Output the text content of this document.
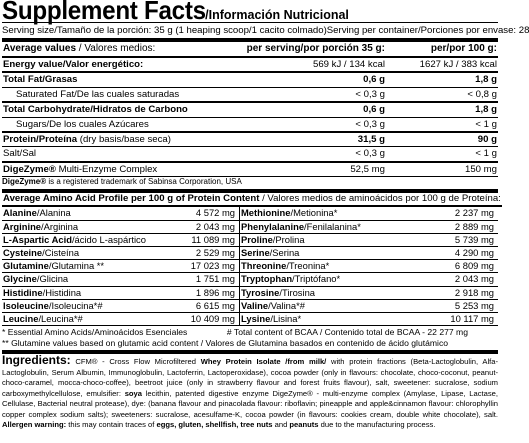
Supplement Facts /Información Nutricional
Serving size/Tamaño de la porción: 35 g (1 heaping scoop/1 cacito colmado) Serving per container/Porciones por envase: 28
Average values / Valores medios:	per serving/por porción 35 g:	per/por 100 g:
Energy value/Valor energético:	569 kJ / 134 kcal	1627 kJ / 383 kcal
Total Fat/Grasas	0,6 g	1,8 g
Saturated Fat/De las cuales saturadas	< 0,3 g	< 0,8 g
Total Carbohydrate/Hidratos de Carbono	0,6 g	1,8 g
Sugars/De los cuales Azúcares	< 0,3 g	< 1 g
Protein/Proteína (dry basis/base seca)	31,5 g	90 g
Salt/Sal	< 0,3 g	< 1 g
DigeZyme® Multi-Enzyme Complex	52,5 mg	150 mg
DigeZyme® is a registered trademark of Sabinsa Corporation, USA
Average Amino Acid Profile per 100 g of Protein Content / Valores medios de aminoácidos por 100 g de Proteína:
Alanine/Alanina	4 572 mg	Methionine/Metionina*	2 237 mg
Arginine/Arginina	2 043 mg	Phenylalanine/Fenilalanina*	2 889 mg
L-Aspartic Acid/ácido L-aspártico	11 089 mg	Proline/Prolina	5 739 mg
Cysteine/Cisteína	2 529 mg	Serine/Serina	4 290 mg
Glutamine/Glutamina **	17 023 mg	Threonine/Treonina*	6 809 mg
Glycine/Glicina	1 751 mg	Tryptophan/Triptófano*	2 043 mg
Histidine/Histidina	1 896 mg	Tyrosine/Tirosina	2 918 mg
Isoleucine/Isoleucina*#	6 615 mg	Valine/Valina*#	5 253 mg
Leucine/Leucina*#	10 409 mg	Lysine/Lisina*	10 117 mg
* Essential Amino Acids/Aminoácidos Esenciales	# Total content of BCAA / Contenido total de BCAA - 22 277 mg
** Glutamine values based on glutamic acid content / Valores de Glutamina basados en contenido de ácido glutámico
Ingredients: CFM® - Cross Flow Microfiltered Whey Protein Isolate /from milk/ with protein fractions (Beta-Lactoglobulin, Alfa-Lactoglobulin, Serum Albumin, Immunoglobulin, Lactoferrin, Lactoperoxidase), cocoa powder (only in flavours: chocolate, choco-coconut, peanut-choco-caramel, mocca-choco-coffee), beetroot juice (only in strawberry flavour and forest fruits flavour), salt, sweetener: sucralose, sodium carboxymethylcellulose, emulsifier: soya lecithin, patented digestive enzyme DigeZyme® - multi-enzyme complex (Amylase, Lipase, Lactase, Cellulase, Bacterial neutral protease), dye: (banana flavour and pinacolada flavour: riboflavin; pineapple and apple&cinnamon flavour: chlorophyllin copper complex sodium salts); sweeteners: sucralose, acesulfame-K, cocoa powder (in flavours: cookies cream, double white chocolate), salt. Allergen warning: this may contain traces of eggs, gluten, shellfish, tree nuts and peanuts due to the manufacturing process.
